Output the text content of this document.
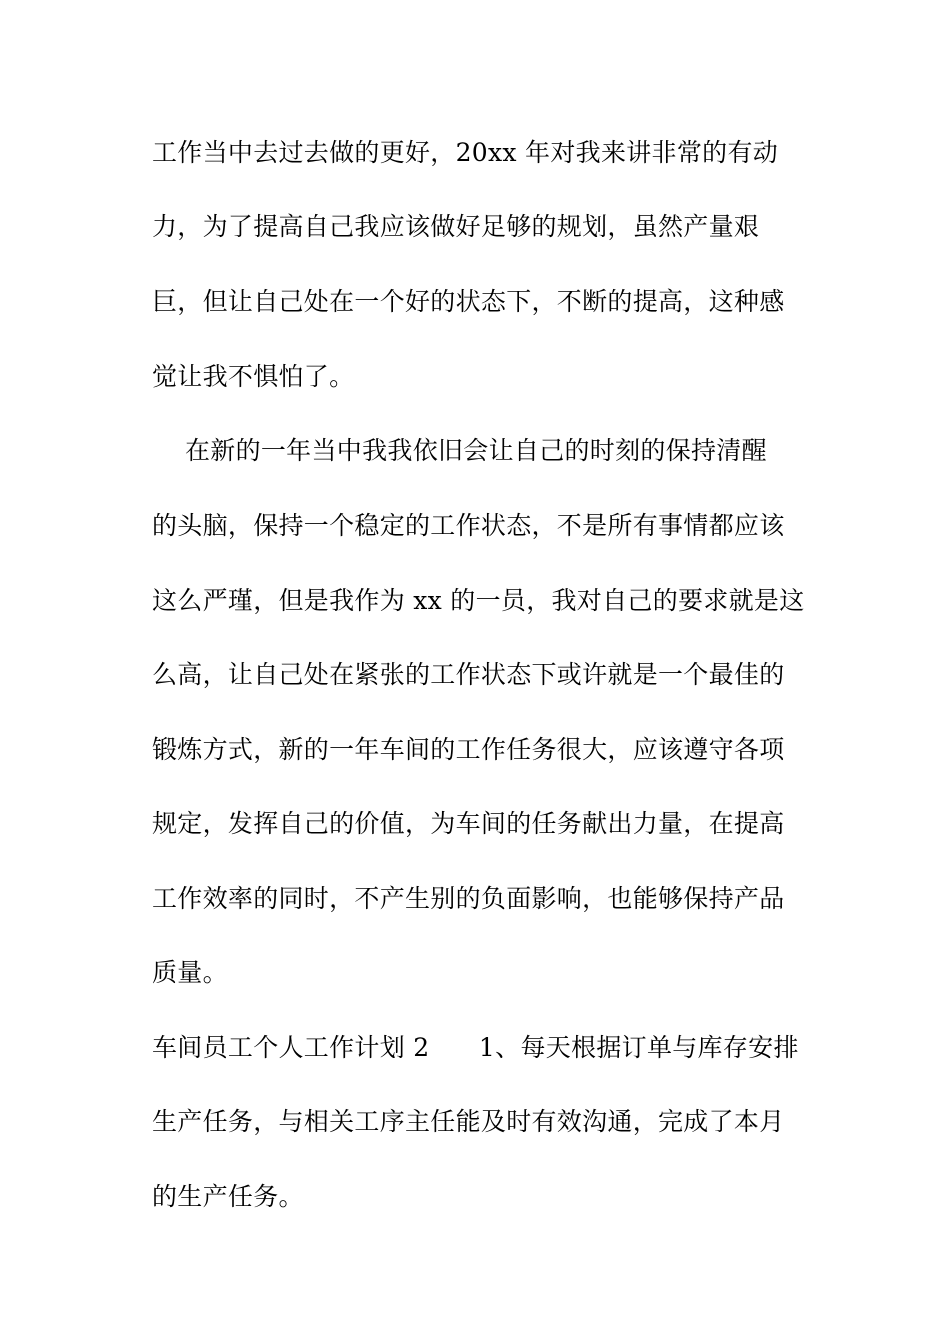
工作当中去过去做的更好，20xx 年对我来讲非常的有动
力，为了提高自己我应该做好足够的规划，虽然产量艰
巨，但让自己处在一个好的状态下，不断的提高，这种感
觉让我不惧怕了。
在新的一年当中我我依旧会让自己的时刻的保持清醒
的头脑，保持一个稳定的工作状态，不是所有事情都应该
这么严瑾，但是我作为 xx 的一员，我对自己的要求就是这
么高，让自己处在紧张的工作状态下或许就是一个最佳的
锻炼方式，新的一年车间的工作任务很大，应该遵守各项
规定，发挥自己的价值，为车间的任务献出力量，在提高
工作效率的同时，不产生别的负面影响，也能够保持产品
质量。
车间员工个人工作计划 2      1、每天根据订单与库存安排
生产任务，与相关工序主任能及时有效沟通，完成了本月
的生产任务。
